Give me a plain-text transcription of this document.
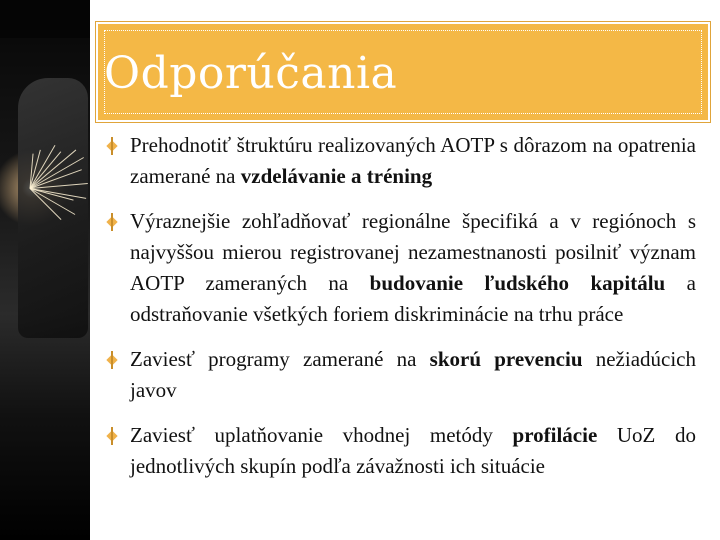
Odporúčania
Prehodnotiť štruktúru realizovaných AOTP s dôrazom na opatrenia zamerané na vzdelávanie a tréning
Výraznejšie zohľadňovať regionálne špecifiká a v regiónoch s najvyššou mierou registrovanej nezamestnanosti posilniť význam AOTP zameraných na budovanie ľudského kapitálu a odstraňovanie všetkých foriem diskriminácie na trhu práce
Zaviesť programy zamerané na skorú prevenciu nežiadúcich javov
Zaviesť uplatňovanie vhodnej metódy profilácie UoZ do jednotlivých skupín podľa závažnosti ich situácie
